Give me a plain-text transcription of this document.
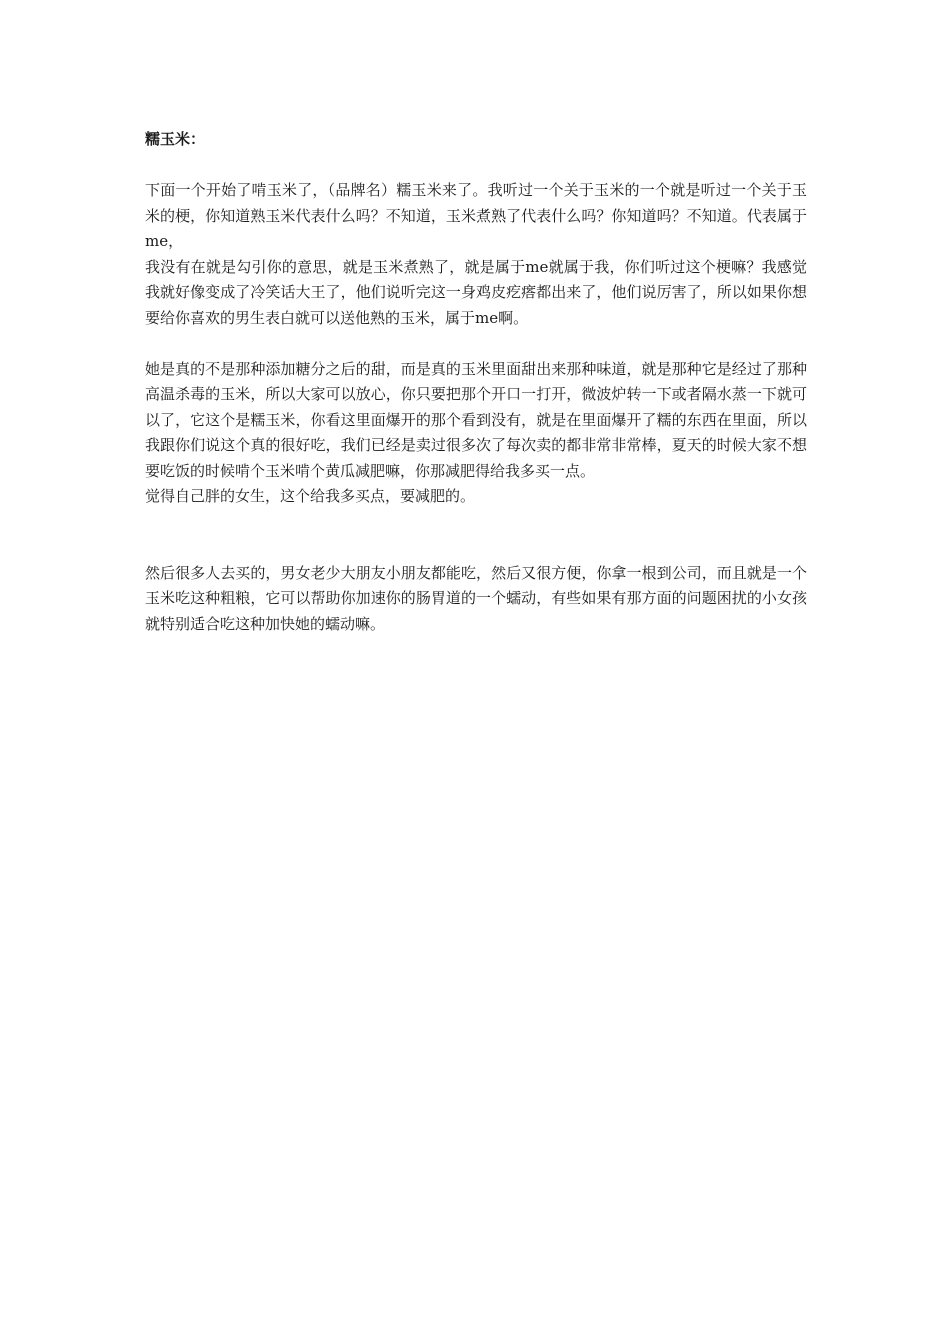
糯玉米：

下面一个开始了啃玉米了，（品牌名）糯玉米来了。我听过一个关于玉米的一个就是听过一个关于玉米的梗，你知道熟玉米代表什么吗？不知道，玉米煮熟了代表什么吗？你知道吗？不知道。代表属于me，

我没有在就是勾引你的意思，就是玉米煮熟了，就是属于me就属于我，你们听过这个梗嘛？我感觉我就好像变成了冷笑话大王了，他们说听完这一身鸡皮疙瘩都出来了，他们说厉害了，所以如果你想要给你喜欢的男生表白就可以送他熟的玉米，属于me啊。

她是真的不是那种添加糖分之后的甜，而是真的玉米里面甜出来那种味道，就是那种它是经过了那种高温杀毒的玉米，所以大家可以放心，你只要把那个开口一打开，微波炉转一下或者隔水蒸一下就可以了，它这个是糯玉米，你看这里面爆开的那个看到没有，就是在里面爆开了糯的东西在里面，所以我跟你们说这个真的很好吃，我们已经是卖过很多次了每次卖的都非常非常棒，夏天的时候大家不想要吃饭的时候啃个玉米啃个黄瓜减肥嘛，你那减肥得给我多买一点。

觉得自己胖的女生，这个给我多买点，要减肥的。

然后很多人去买的，男女老少大朋友小朋友都能吃，然后又很方便，你拿一根到公司，而且就是一个玉米吃这种粗粮，它可以帮助你加速你的肠胃道的一个蠕动，有些如果有那方面的问题困扰的小女孩就特别适合吃这种加快她的蠕动嘛。
